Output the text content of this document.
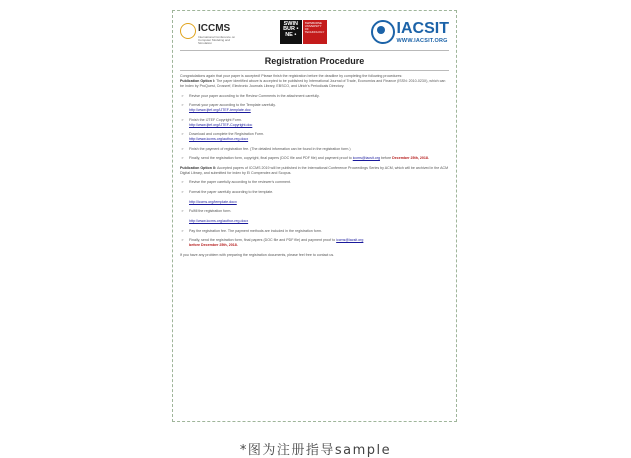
ICCMS
International Conference on Computer Modeling and Simulation
SWIN BUR • NE •
SWINBURNE UNIVERSITY OF TECHNOLOGY	IACSIT
WWW.IACSIT.ORG
Registration Procedure

Congratulations again that your paper is accepted! Please finish the registration before the deadline by completing the following procedures:

Publication Option I: The paper identified above is accepted to be published by International Journal of Trade, Economics and Finance (ISSN: 2010-023X), which can be Index by ProQuest, Crossref, Electronic Journals Library, EBSCO, and Ulrich's Periodicals Directory.

➢ Revise your paper according to the Review Comments in the attachment carefully.
➢ Format your paper according to the Template carefully.
http://www.ijtef.org/IJTEF-template.doc
➢ Finish the IJTEF Copyright Form.
http://www.ijtef.org/IJTEF-Copyright.doc
➢ Download and complete the Registration Form.
http://www.iccms.org/author-reg.docx
➢ Finish the payment of registration fee. (The detailed information can be found in the registration form.)
➢ Finally, send the registration form, copyright, final papers (DOC file and PDF file) and payment proof to iccms@iacsit.org before December 25th, 2018.

Publication Option II: Accepted papers of ICCMS 2019 will be published in the International Conference Proceedings Series by ACM, which will be archived in the ACM Digital Library, and submitted for index by Ei Compendex and Scopus.

➢ Revise the paper carefully according to the reviewer's comment.
➢ Format the paper carefully according to the template.

http://iccms.org/template.docx
➢ Fulfill the registration form.

http://www.iccms.org/author-reg.docx
➢ Pay the registration fee. The payment methods are included in the registration form.
➢ Finally, send the registration form, final papers (DOC file and PDF file) and payment proof to iccms@iacsit.org
before December 25th, 2018.

If you have any problem with preparing the registration documents, please feel free to contact us.

*图为注册指导sample
